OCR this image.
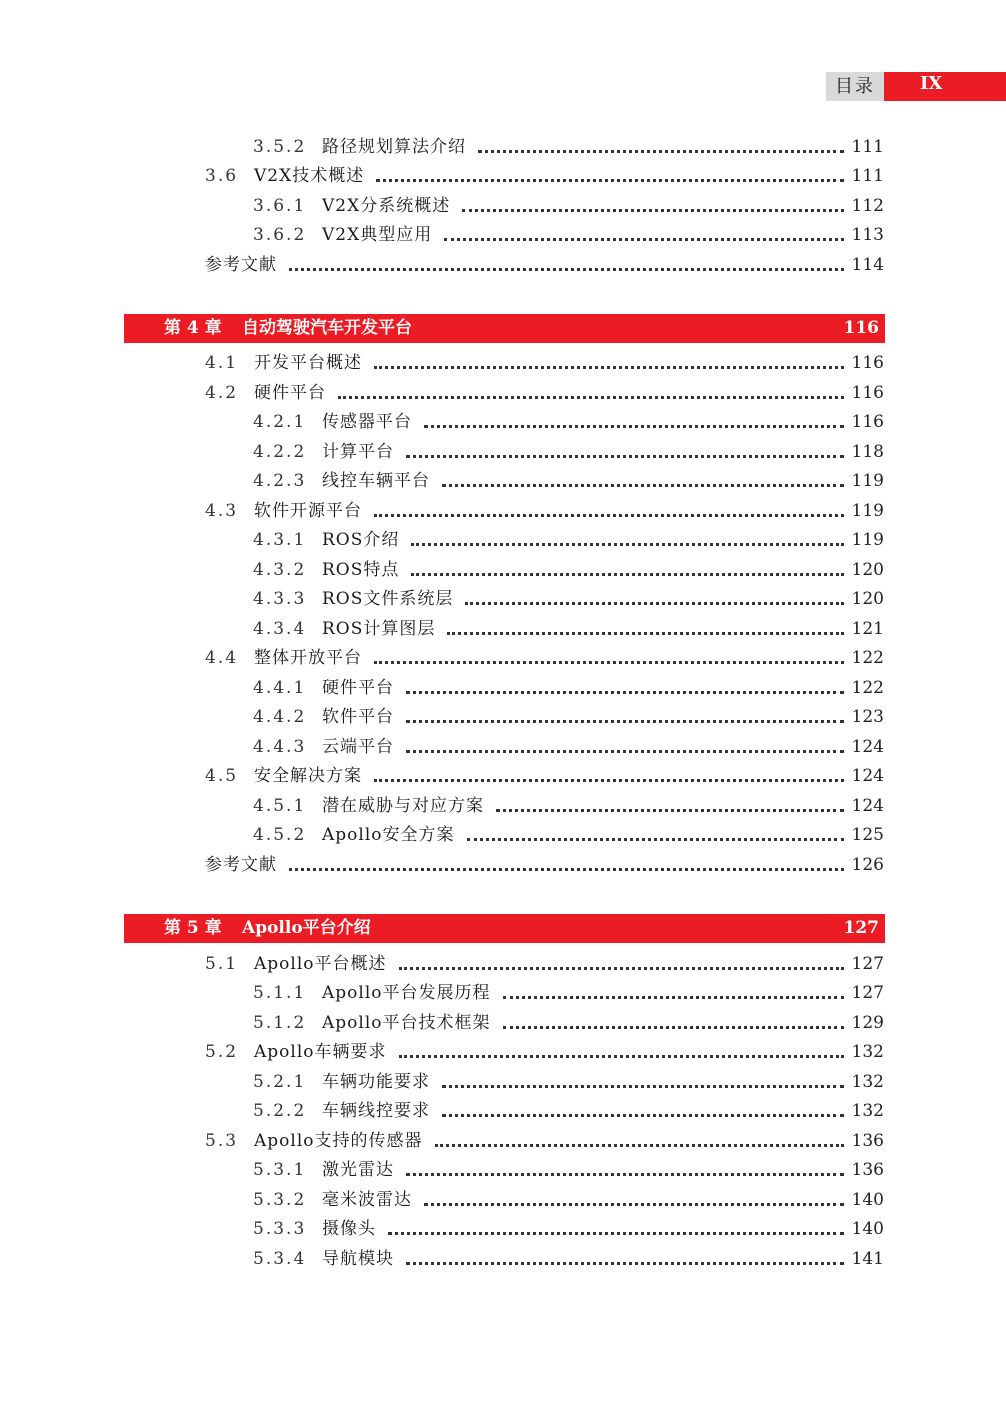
目录	IX
3.5.2 路径规划算法介绍	111
3.6 V2X技术概述	111
3.6.1 V2X分系统概述	112
3.6.2 V2X典型应用	113
参考文献	114
第 4 章 自动驾驶汽车开发平台	116
4.1 开发平台概述	116
4.2 硬件平台	116
4.2.1 传感器平台	116
4.2.2 计算平台	118
4.2.3 线控车辆平台	119
4.3 软件开源平台	119
4.3.1 ROS介绍	119
4.3.2 ROS特点	120
4.3.3 ROS文件系统层	120
4.3.4 ROS计算图层	121
4.4 整体开放平台	122
4.4.1 硬件平台	122
4.4.2 软件平台	123
4.4.3 云端平台	124
4.5 安全解决方案	124
4.5.1 潜在威胁与对应方案	124
4.5.2 Apollo安全方案	125
参考文献	126
第 5 章 Apollo平台介绍	127
5.1 Apollo平台概述	127
5.1.1 Apollo平台发展历程	127
5.1.2 Apollo平台技术框架	129
5.2 Apollo车辆要求	132
5.2.1 车辆功能要求	132
5.2.2 车辆线控要求	132
5.3 Apollo支持的传感器	136
5.3.1 激光雷达	136
5.3.2 毫米波雷达	140
5.3.3 摄像头	140
5.3.4 导航模块	141
